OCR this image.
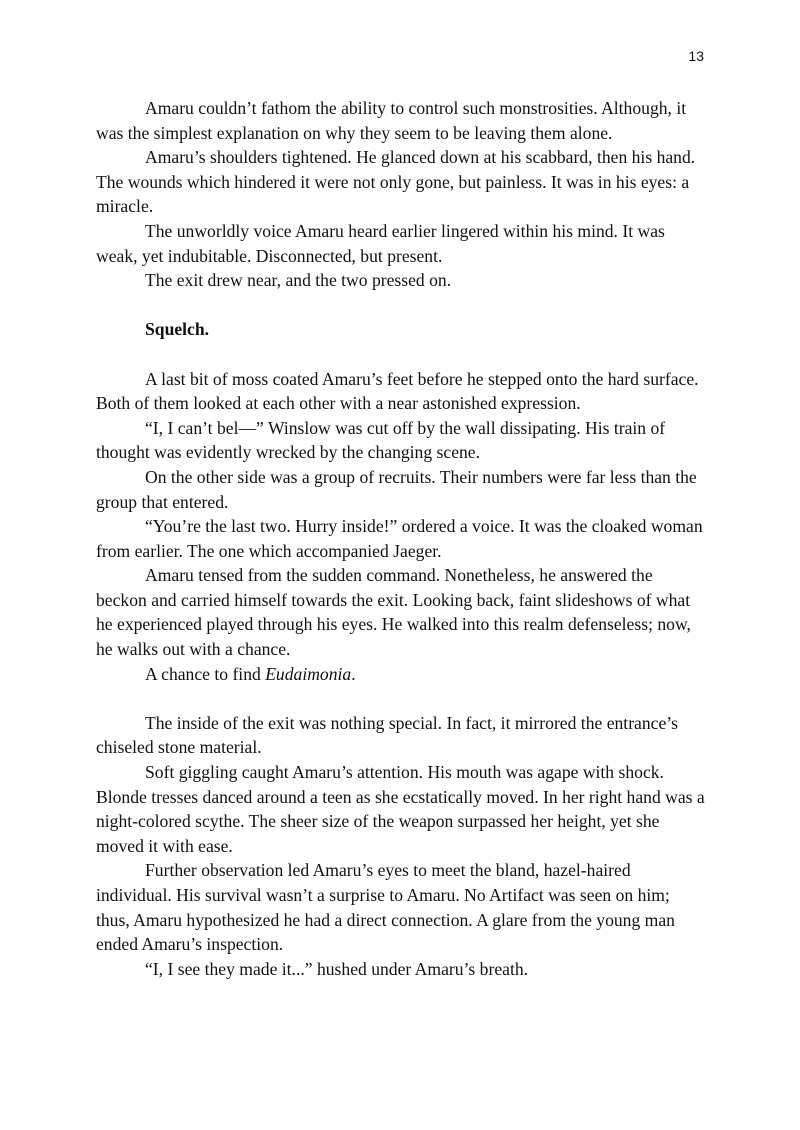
13

Amaru couldn’t fathom the ability to control such monstrosities. Although, it was the simplest explanation on why they seem to be leaving them alone.

Amaru’s shoulders tightened. He glanced down at his scabbard, then his hand. The wounds which hindered it were not only gone, but painless. It was in his eyes: a miracle.

The unworldly voice Amaru heard earlier lingered within his mind. It was weak, yet indubitable. Disconnected, but present.

The exit drew near, and the two pressed on.

Squelch.

A last bit of moss coated Amaru’s feet before he stepped onto the hard surface. Both of them looked at each other with a near astonished expression.

“I, I can’t bel—” Winslow was cut off by the wall dissipating. His train of thought was evidently wrecked by the changing scene.

On the other side was a group of recruits. Their numbers were far less than the group that entered.

“You’re the last two. Hurry inside!” ordered a voice. It was the cloaked woman from earlier. The one which accompanied Jaeger.

Amaru tensed from the sudden command. Nonetheless, he answered the beckon and carried himself towards the exit. Looking back, faint slideshows of what he experienced played through his eyes. He walked into this realm defenseless; now, he walks out with a chance.

A chance to find Eudaimonia.

The inside of the exit was nothing special. In fact, it mirrored the entrance’s chiseled stone material.

Soft giggling caught Amaru’s attention. His mouth was agape with shock. Blonde tresses danced around a teen as she ecstatically moved. In her right hand was a night-colored scythe. The sheer size of the weapon surpassed her height, yet she moved it with ease.

Further observation led Amaru’s eyes to meet the bland, hazel-haired individual. His survival wasn’t a surprise to Amaru. No Artifact was seen on him; thus, Amaru hypothesized he had a direct connection. A glare from the young man ended Amaru’s inspection.

“I, I see they made it...” hushed under Amaru’s breath.
